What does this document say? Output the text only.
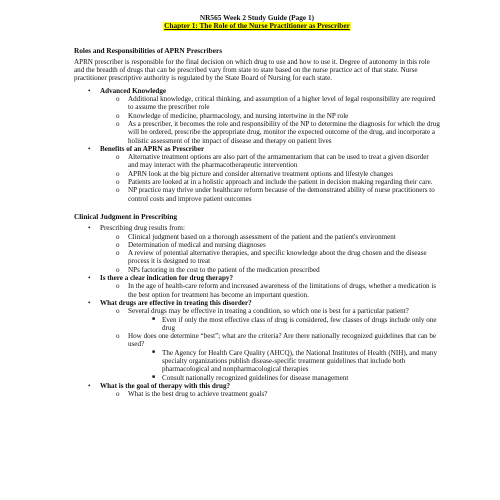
NR565 Week 2 Study Guide (Page 1)
Chapter 1: The Role of the Nurse Practitioner as Prescriber
Roles and Responsibilities of APRN Prescribers

APRN prescriber is responsible for the final decision on which drug to use and how to use it. Degree of autonomy in this role and the breadth of drugs that can be prescribed vary from state to state based on the nurse practice act of that state. Nurse practitioner prescriptive authority is regulated by the State Board of Nursing for each state.

• Advanced Knowledge
o Additional knowledge, critical thinking, and assumption of a higher level of legal responsibility are required to assume the prescriber role
o Knowledge of medicine, pharmacology, and nursing intertwine in the NP role
o As a prescriber, it becomes the role and responsibility of the NP to determine the diagnosis for which the drug will be ordered, prescribe the appropriate drug, monitor the expected outcome of the drug, and incorporate a holistic assessment of the impact of disease and therapy on patient lives
• Benefits of an APRN as Prescriber
o Alternative treatment options are also part of the armamentarium that can be used to treat a given disorder and may interact with the pharmacotherapeutic intervention
o APRN look at the big picture and consider alternative treatment options and lifestyle changes
o Patients are looked at in a holistic approach and include the patient in decision making regarding their care.
o NP practice may thrive under healthcare reform because of the demonstrated ability of nurse practitioners to control costs and improve patient outcomes
Clinical Judgment in Prescribing
• Prescribing drug results from:
o Clinical judgment based on a thorough assessment of the patient and the patient's environment
o Determination of medical and nursing diagnoses
o A review of potential alternative therapies, and specific knowledge about the drug chosen and the disease process it is designed to treat
o NPs factoring in the cost to the patient of the medication prescribed
• Is there a clear indication for drug therapy?
o In the age of health-care reform and increased awareness of the limitations of drugs, whether a medication is the best option for treatment has become an important question.
• What drugs are effective in treating this disorder?
o Several drugs may be effective in treating a condition, so which one is best for a particular patient?
■ Even if only the most effective class of drug is considered, few classes of drugs include only one drug
o How does one determine “best”; what are the criteria? Are there nationally recognized guidelines that can be used?
■ The Agency for Health Care Quality (AHCQ), the National Institutes of Health (NIH), and many specialty organizations publish disease-specific treatment guidelines that include both pharmacological and nonpharmacological therapies
■ Consult nationally recognized guidelines for disease management
• What is the goal of therapy with this drug?
o What is the best drug to achieve treatment goals?
